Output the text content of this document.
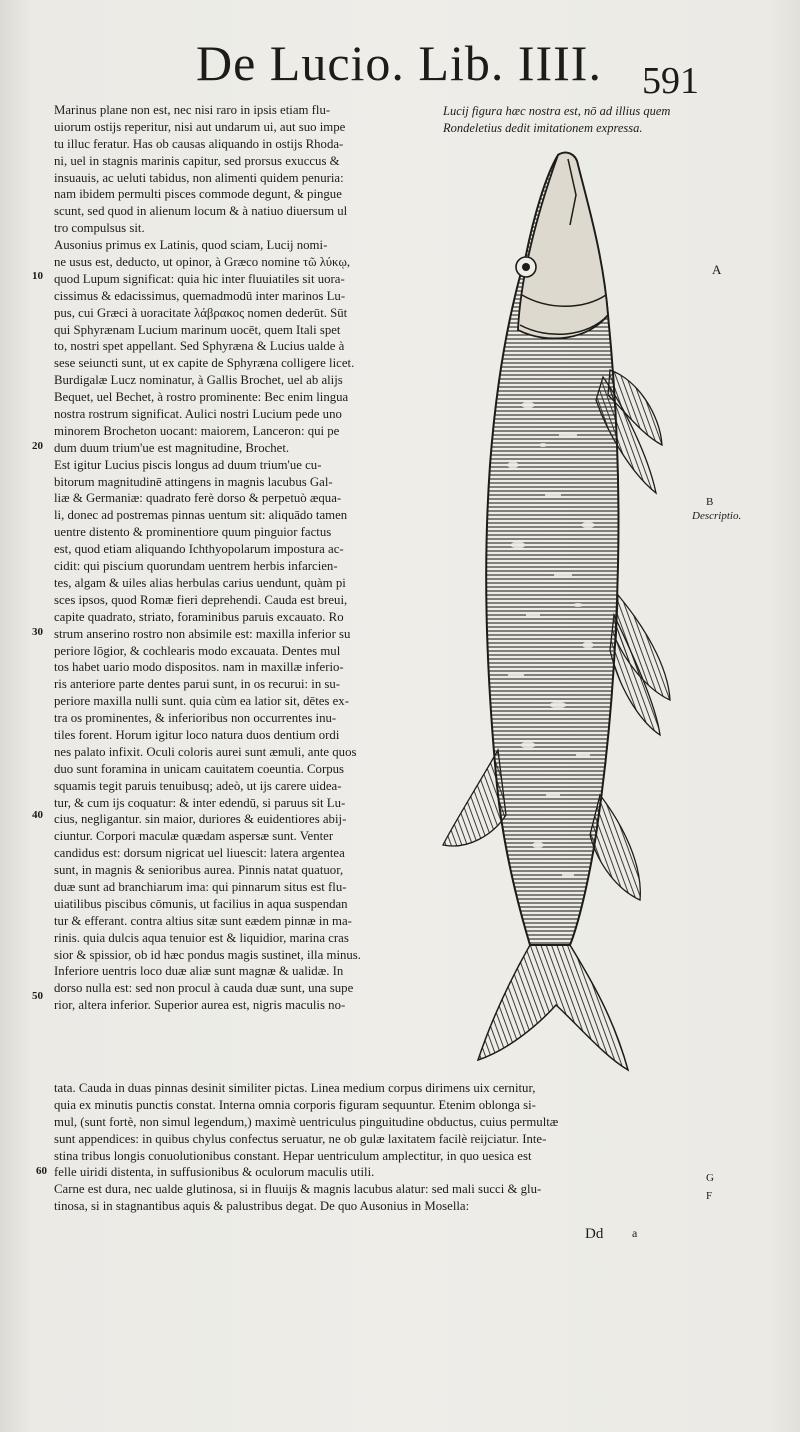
De Lucio. Lib. IIII. 591
Lucij figura hæc nostra est, nō ad illius quem
Rondeletius dedit imitationem expressa.
Marinus plane non est, nec nisi raro in ipsis etiam flu-
uiorum ostijs reperitur, nisi aut undarum ui, aut suo impe
tu illuc feratur. Has ob causas aliquando in ostijs Rhoda-
ni, uel in stagnis marinis capitur, sed prorsus exuccus &
insuauis, ac ueluti tabidus, non alimenti quidem penuria:
nam ibidem permulti pisces commode degunt, & pingue
scunt, sed quod in alienum locum & à natiuo diuersum ul
tro compulsus sit.
Ausonius primus ex Latinis, quod sciam, Lucij nomi-
ne usus est, deducto, ut opinor, à Græco nomine τῶ λύκῳ,
quod Lupum significat: quia hic inter fluuiatiles sit uora-
cissimus & edacissimus, quemadmodū inter marinos Lu-
pus, cui Græci à uoracitate λάβρακος nomen dederūt. Sūt
qui Sphyrænam Lucium marinum uocēt, quem Itali spet
to, nostri spet appellant. Sed Sphyræna & Lucius ualde à
sese seiuncti sunt, ut ex capite de Sphyræna colligere licet.
Burdigalæ Lucz nominatur, à Gallis Brochet, uel ab alijs
Bequet, uel Bechet, à rostro prominente: Bec enim lingua
nostra rostrum significat. Aulici nostri Lucium pede uno
minorem Brocheton uocant: maiorem, Lanceron: qui pe
dum duum trium'ue est magnitudine, Brochet.
Est igitur Lucius piscis longus ad duum trium'ue cu-
bitorum magnitudinē attingens in magnis lacubus Gal-
liæ & Germaniæ: quadrato ferè dorso & perpetuò æqua-
li, donec ad postremas pinnas uentum sit: aliquādo tamen
uentre distento & prominentiore quum pinguior factus
est, quod etiam aliquando Ichthyopolarum impostura ac-
cidit: qui piscium quorundam uentrem herbis infarcien-
tes, algam & uiles alias herbulas carius uendunt, quàm pi
sces ipsos, quod Romæ fieri deprehendi. Cauda est breui,
capite quadrato, striato, foraminibus paruis excauato. Ro
strum anserino rostro non absimile est: maxilla inferior su
periore lōgior, & cochlearis modo excauata. Dentes mul
tos habet uario modo dispositos. nam in maxillæ inferio-
ris anteriore parte dentes parui sunt, in os recurui: in su-
periore maxilla nulli sunt. quia cùm ea latior sit, dētes ex-
tra os prominentes, & inferioribus non occurrentes inu-
tiles forent. Horum igitur loco natura duos dentium ordi
nes palato infixit. Oculi coloris aurei sunt æmuli, ante quos
duo sunt foramina in unicam cauitatem coeuntia. Corpus
squamis tegit paruis tenuibusq; adeò, ut ijs carere uidea-
tur, & cum ijs coquatur: & inter edendū, si paruus sit Lu-
cius, negligantur. sin maior, duriores & euidentiores abij-
ciuntur. Corpori maculæ quædam aspersæ sunt. Venter
candidus est: dorsum nigricat uel liuescit: latera argentea
sunt, in magnis & senioribus aurea. Pinnis natat quatuor,
duæ sunt ad branchiarum ima: qui pinnarum situs est flu-
uiatilibus piscibus cōmunis, ut facilius in aqua suspendan
tur & efferant. contra altius sitæ sunt eædem pinnæ in ma-
rinis. quia dulcis aqua tenuior est & liquidior, marina cras
sior & spissior, ob id hæc pondus magis sustinet, illa minus.
Inferiore uentris loco duæ aliæ sunt magnæ & ualidæ. In
dorso nulla est: sed non procul à cauda duæ sunt, una supe
rior, altera inferior. Superior aurea est, nigris maculis no-
10
20
30
40
50
60
A
B
Descriptio.
G
F
tata. Cauda in duas pinnas desinit similiter pictas. Linea medium corpus dirimens uix cernitur,
quia ex minutis punctis constat. Interna omnia corporis figuram sequuntur. Etenim oblonga si-
mul, (sunt fortè, non simul legendum,) maximè uentriculus pinguitudine obductus, cuius permultæ
sunt appendices: in quibus chylus confectus seruatur, ne ob gulæ laxitatem facilè reijciatur. Inte-
stina tribus longis conuolutionibus constant. Hepar uentriculum amplectitur, in quo uesica est
felle uiridi distenta, in suffusionibus & oculorum maculis utili.
Carne est dura, nec ualde glutinosa, si in fluuijs & magnis lacubus alatur: sed mali succi & glu-
tinosa, si in stagnantibus aquis & palustribus degat. De quo Ausonius in Mosella:
Dd a
